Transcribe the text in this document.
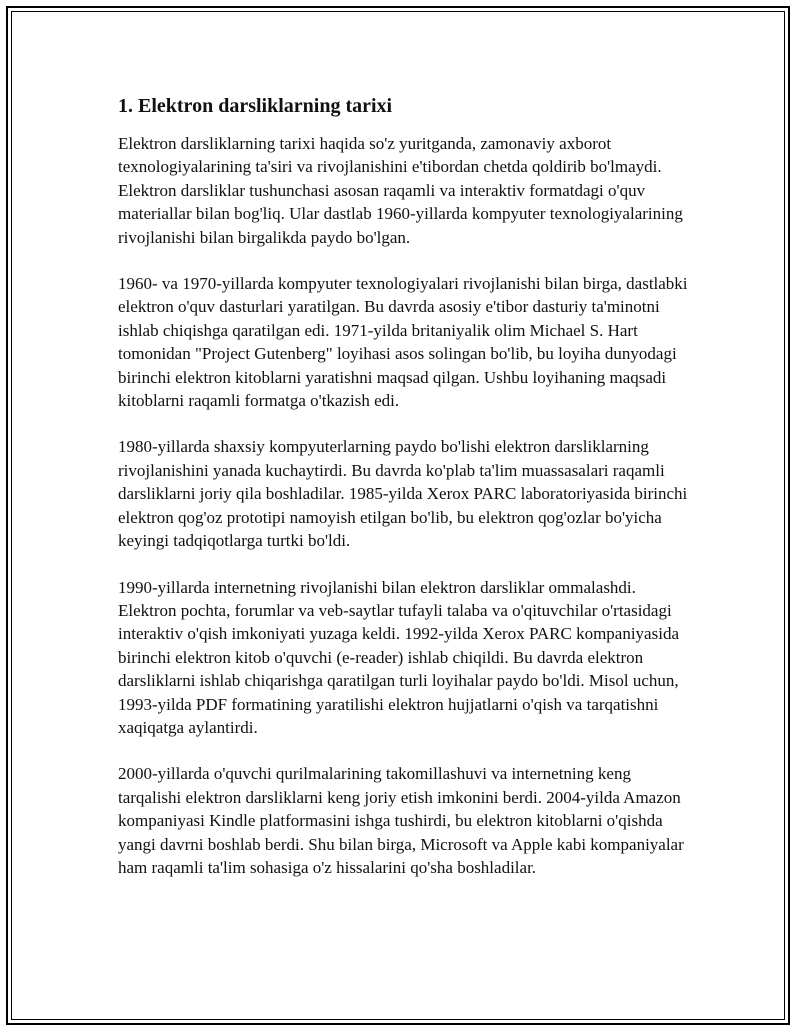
1. Elektron darsliklarning tarixi

Elektron darsliklarning tarixi haqida so'z yuritganda, zamonaviy axborot texnologiyalarining ta'siri va rivojlanishini e'tibordan chetda qoldirib bo'lmaydi. Elektron darsliklar tushunchasi asosan raqamli va interaktiv formatdagi o'quv materiallar bilan bog'liq. Ular dastlab 1960-yillarda kompyuter texnologiyalarining rivojlanishi bilan birgalikda paydo bo'lgan.

1960- va 1970-yillarda kompyuter texnologiyalari rivojlanishi bilan birga, dastlabki elektron o'quv dasturlari yaratilgan. Bu davrda asosiy e'tibor dasturiy ta'minotni ishlab chiqishga qaratilgan edi. 1971-yilda britaniyalik olim Michael S. Hart tomonidan "Project Gutenberg" loyihasi asos solingan bo'lib, bu loyiha dunyodagi birinchi elektron kitoblarni yaratishni maqsad qilgan. Ushbu loyihaning maqsadi kitoblarni raqamli formatga o'tkazish edi.

1980-yillarda shaxsiy kompyuterlarning paydo bo'lishi elektron darsliklarning rivojlanishini yanada kuchaytirdi. Bu davrda ko'plab ta'lim muassasalari raqamli darsliklarni joriy qila boshladilar. 1985-yilda Xerox PARC laboratoriyasida birinchi elektron qog'oz prototipi namoyish etilgan bo'lib, bu elektron qog'ozlar bo'yicha keyingi tadqiqotlarga turtki bo'ldi.

1990-yillarda internetning rivojlanishi bilan elektron darsliklar ommalashdi. Elektron pochta, forumlar va veb-saytlar tufayli talaba va o'qituvchilar o'rtasidagi interaktiv o'qish imkoniyati yuzaga keldi. 1992-yilda Xerox PARC kompaniyasida birinchi elektron kitob o'quvchi (e-reader) ishlab chiqildi. Bu davrda elektron darsliklarni ishlab chiqarishga qaratilgan turli loyihalar paydo bo'ldi. Misol uchun, 1993-yilda PDF formatining yaratilishi elektron hujjatlarni o'qish va tarqatishni xaqiqatga aylantirdi.

2000-yillarda o'quvchi qurilmalarining takomillashuvi va internetning keng tarqalishi elektron darsliklarni keng joriy etish imkonini berdi. 2004-yilda Amazon kompaniyasi Kindle platformasini ishga tushirdi, bu elektron kitoblarni o'qishda yangi davrni boshlab berdi. Shu bilan birga, Microsoft va Apple kabi kompaniyalar ham raqamli ta'lim sohasiga o'z hissalarini qo'sha boshladilar.
